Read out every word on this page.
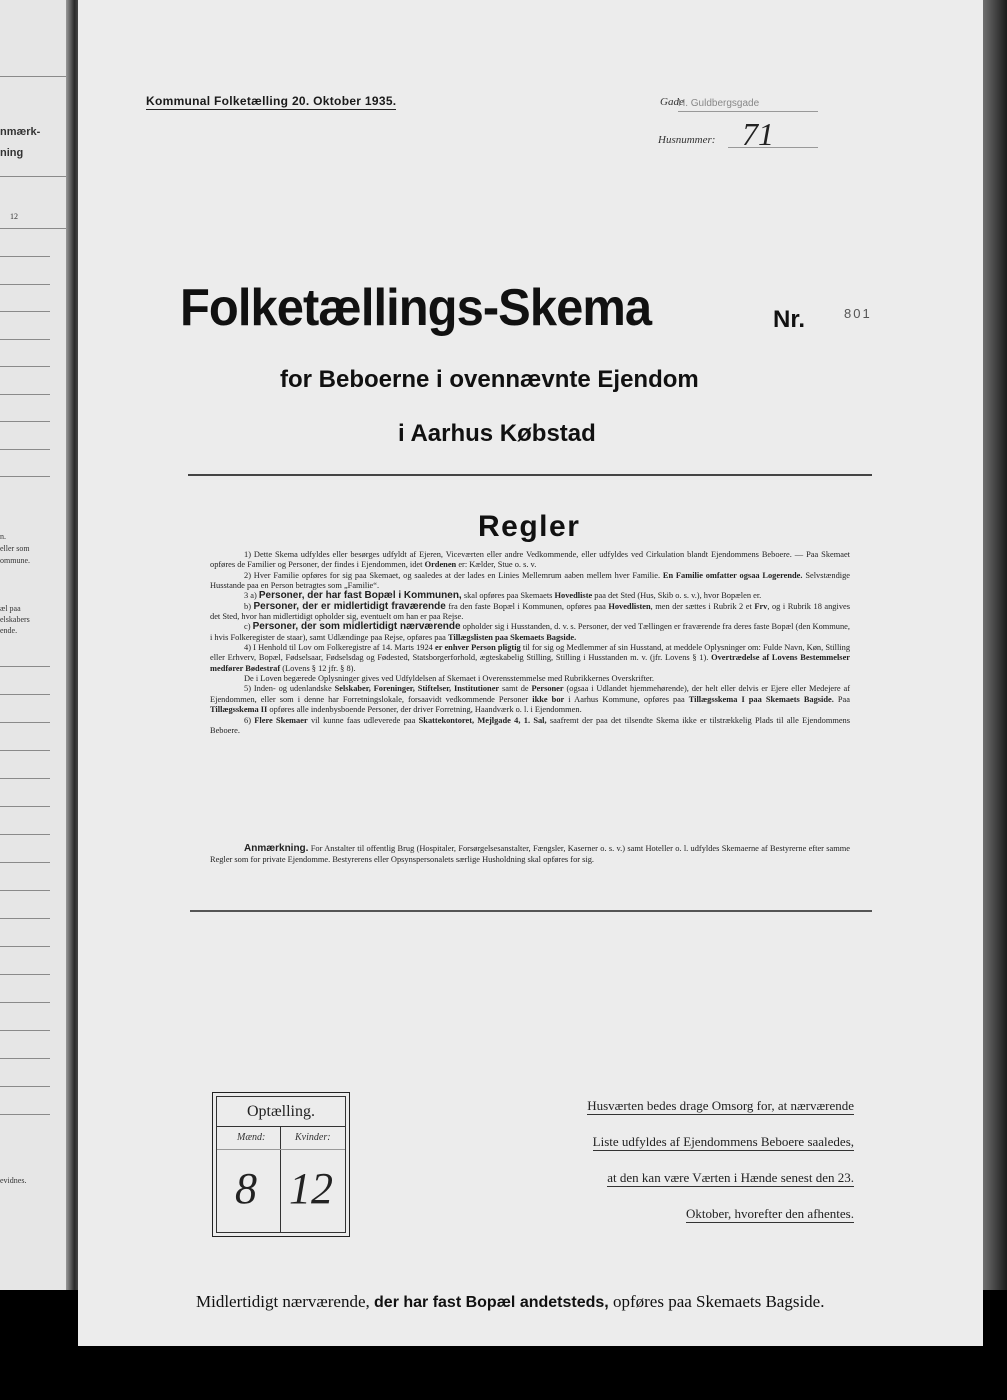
nmærk-
ning
12
n.
eller som
ommune.
æl paa
elskabers
ende.
evidnes.
Kommunal Folketælling 20. Oktober 1935.	Gade
H. Guldbergsgade
Husnummer: 71
Folketællings-Skema	Nr.	801
for Beboerne i ovennævnte Ejendom
i Aarhus Købstad
Regler

1) Dette Skema udfyldes eller besørges udfyldt af Ejeren, Viceværten eller andre Vedkommende, eller udfyldes ved Cirkulation blandt Ejendommens Beboere. — Paa Skemaet opføres de Familier og Personer, der findes i Ejendommen, idet Ordenen er: Kælder, Stue o. s. v.

2) Hver Familie opføres for sig paa Skemaet, og saaledes at der lades en Linies Mellemrum aaben mellem hver Familie. En Familie omfatter ogsaa Logerende. Selvstændige Husstande paa en Person betragtes som „Familie“.

3 a) Personer, der har fast Bopæl i Kommunen, skal opføres paa Skemaets Hovedliste paa det Sted (Hus, Skib o. s. v.), hvor Bopælen er.

b) Personer, der er midlertidigt fraværende fra den faste Bopæl i Kommunen, opføres paa Hovedlisten, men der sættes i Rubrik 2 et Frv, og i Rubrik 18 angives det Sted, hvor han midlertidigt opholder sig, eventuelt om han er paa Rejse.

c) Personer, der som midlertidigt nærværende opholder sig i Husstanden, d. v. s. Personer, der ved Tællingen er fraværende fra deres faste Bopæl (den Kommune, i hvis Folkeregister de staar), samt Udlændinge paa Rejse, opføres paa Tillægslisten paa Skemaets Bagside.

4) I Henhold til Lov om Folkeregistre af 14. Marts 1924 er enhver Person pligtig til for sig og Medlemmer af sin Husstand, at meddele Oplysninger om: Fulde Navn, Køn, Stilling eller Erhverv, Bopæl, Fødselsaar, Fødselsdag og Fødested, Statsborgerforhold, ægteskabelig Stilling, Stilling i Husstanden m. v. (jfr. Lovens § 1). Overtrædelse af Lovens Bestemmelser medfører Bødestraf (Lovens § 12 jfr. § 8).

De i Loven begærede Oplysninger gives ved Udfyldelsen af Skemaet i Overensstemmelse med Rubrikkernes Overskrifter.

5) Inden- og udenlandske Selskaber, Foreninger, Stiftelser, Institutioner samt de Personer (ogsaa i Udlandet hjemmehørende), der helt eller delvis er Ejere eller Medejere af Ejendommen, eller som i denne har Forretningslokale, forsaavidt vedkommende Personer ikke bor i Aarhus Kommune, opføres paa Tillægsskema I paa Skemaets Bagside. Paa Tillægsskema II opføres alle indenbysboende Personer, der driver Forretning, Haandværk o. l. i Ejendommen.

6) Flere Skemaer vil kunne faas udleverede paa Skattekontoret, Mejlgade 4, 1. Sal, saafremt der paa det tilsendte Skema ikke er tilstrækkelig Plads til alle Ejendommens Beboere.

Anmærkning. For Anstalter til offentlig Brug (Hospitaler, Forsørgelsesanstalter, Fængsler, Kaserner o. s. v.) samt Hoteller o. l. udfyldes Skemaerne af Bestyrerne efter samme Regler som for private Ejendomme. Bestyrerens eller Opsynspersonalets særlige Husholdning skal opføres for sig.

Optælling.
Mænd:	Kvinder:
8 12
Husværten bedes drage Omsorg for, at nærværende
Liste udfyldes af Ejendommens Beboere saaledes,
at den kan være Værten i Hænde senest den 23.
Oktober, hvorefter den afhentes.
Midlertidigt nærværende, der har fast Bopæl andetsteds, opføres paa Skemaets Bagside.
